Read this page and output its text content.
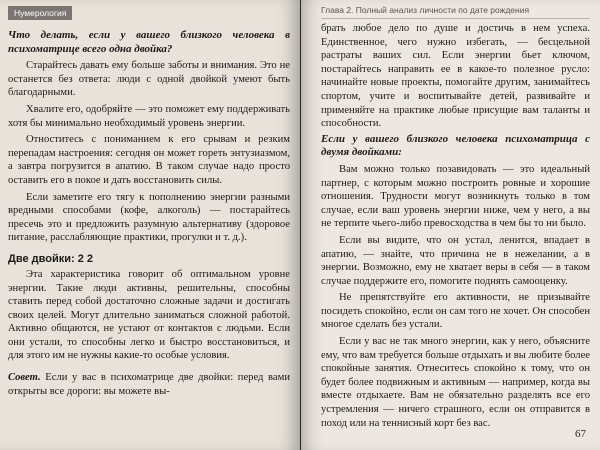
Нумерология

Что делать, если у вашего близкого человека в психоматрице всего одна двойка?

Старайтесь давать ему больше заботы и внимания. Это не останется без ответа: люди с одной двойкой умеют быть благодарными.

Хвалите его, одобряйте — это поможет ему поддерживать хотя бы минимально необходимый уровень энергии.

Отноститесь с пониманием к его срывам и резким перепадам настроения: сегодня он может гореть энтузиазмом, а завтра погрузится в апатию. В таком случае надо просто оставить его в покое и дать восстановить силы.

Если заметите его тягу к пополнению энергии разными вредными способами (кофе, алкоголь) — постарайтесь пресечь это и предложить разумную альтернативу (здоровое питание, расслабляющие практики, прогулки и т. д.).

Две двойки: 2 2

Эта характеристика говорит об оптимальном уровне энергии. Такие люди активны, решительны, способны ставить перед собой достаточно сложные задачи и достигать своих целей. Могут длительно заниматься сложной работой. Активно общаются, не устают от контактов с людьми. Если они устали, то способны легко и быстро восстановиться, и для этого им не нужны какие-то особые условия.

Совет. Если у вас в психоматрице две двойки: перед вами открыты все дороги: вы можете вы-

Глава 2. Полный анализ личности по дате рождения

брать любое дело по душе и достичь в нем успеха. Единственное, чего нужно избегать, — бесцельной растраты ваших сил. Если энергии бьет ключом, постарайтесь направить ее в какое-то полезное русло: начинайте новые проекты, помогайте другим, занимайтесь спортом, учите и воспитывайте детей, развивайте и применяйте на практике любые присущие вам таланты и способности.

Если у вашего близкого человека психоматрица с двумя двойками:

Вам можно только позавидовать — это идеальный партнер, с которым можно построить ровные и хорошие отношения. Трудности могут возникнуть только в том случае, если ваш уровень энергии ниже, чем у него, а вы не терпите чьего-либо превосходства в чем бы то ни было.

Если вы видите, что он устал, ленится, впадает в апатию, — знайте, что причина не в нежелании, а в энергии. Возможно, ему не хватает веры в себя — в таком случае поддержите его, помогите поднять самооценку.

Не препятствуйте его активности, не призывайте посидеть спокойно, если он сам того не хочет. Он способен многое сделать без устали.

Если у вас не так много энергии, как у него, объясните ему, что вам требуется больше отдыхать и вы любите более спокойные занятия. Отнеситесь спокойно к тому, что он будет более подвижным и активным — например, когда вы вместе отдыхаете. Вам не обязательно разделять все его устремления — ничего страшного, если он отправится в поход или на теннисный корт без вас.

67
